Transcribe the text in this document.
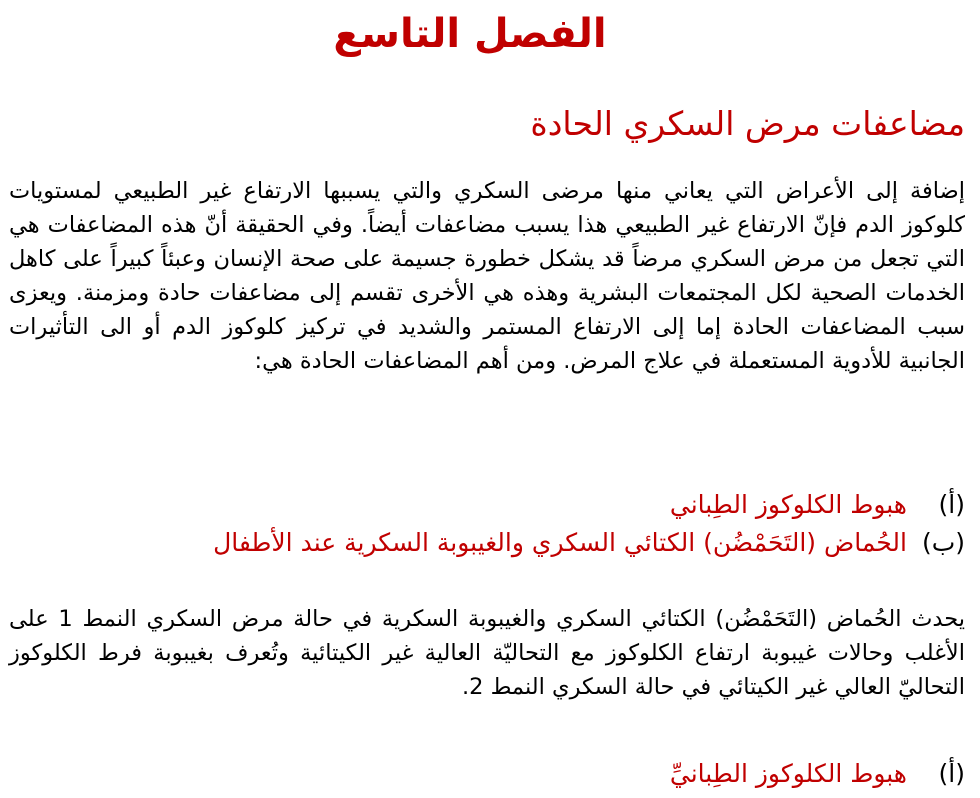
الفصل التاسع
مضاعفات مرض السكري الحادة

إضافة إلى الأعراض التي يعاني منها مرضى السكري والتي يسببها الارتفاع غير الطبيعي لمستويات كلوكوز الدم فإنّ الارتفاع غير الطبيعي هذا يسبب مضاعفات أيضاً. وفي الحقيقة أنّ هذه المضاعفات هي التي تجعل من مرض السكري مرضاً قد يشكل خطورة جسيمة على صحة الإنسان وعبئاً كبيراً على كاهل الخدمات الصحية لكل المجتمعات البشرية وهذه هي الأخرى تقسم إلى مضاعفات حادة ومزمنة. ويعزى سبب المضاعفات الحادة إما إلى الارتفاع المستمر والشديد في تركيز كلوكوز الدم أو الى التأثيرات الجانبية للأدوية المستعملة في علاج المرض. ومن أهم المضاعفات الحادة هي:

(أ)
هبوط الكلوكوز الطِباني
(ب)
الحُماض (التَحَمْضُن) الكتائي السكري والغيبوبة السكرية عند الأطفال

يحدث الحُماض (التَحَمْضُن) الكتائي السكري والغيبوبة السكرية في حالة مرض السكري النمط 1 على الأغلب وحالات غيبوبة ارتفاع الكلوكوز مع التحاليّة العالية غير الكيتائية وتُعرف بغيبوبة فرط الكلوكوز التحاليّ العالي غير الكيتائي في حالة السكري النمط 2.

(أ)
هبوط الكلوكوز الطِبانيِّ
